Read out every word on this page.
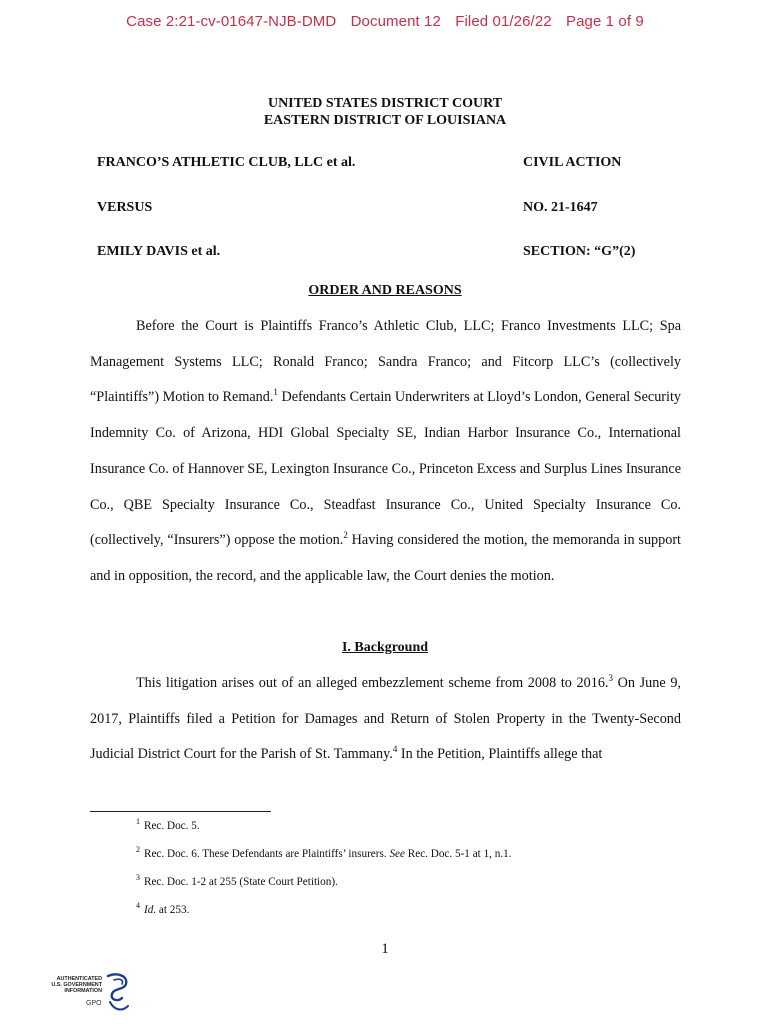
Case 2:21-cv-01647-NJB-DMD Document 12 Filed 01/26/22 Page 1 of 9
UNITED STATES DISTRICT COURT
EASTERN DISTRICT OF LOUISIANA
FRANCO’S ATHLETIC CLUB, LLC et al.	CIVIL ACTION
VERSUS	NO. 21-1647
EMILY DAVIS et al.	SECTION: “G”(2)
ORDER AND REASONS

Before the Court is Plaintiffs Franco’s Athletic Club, LLC; Franco Investments LLC; Spa Management Systems LLC; Ronald Franco; Sandra Franco; and Fitcorp LLC’s (collectively “Plaintiffs”) Motion to Remand.$^1$ Defendants Certain Underwriters at Lloyd’s London, General Security Indemnity Co. of Arizona, HDI Global Specialty SE, Indian Harbor Insurance Co., International Insurance Co. of Hannover SE, Lexington Insurance Co., Princeton Excess and Surplus Lines Insurance Co., QBE Specialty Insurance Co., Steadfast Insurance Co., United Specialty Insurance Co. (collectively, “Insurers”) oppose the motion.$^2$ Having considered the motion, the memoranda in support and in opposition, the record, and the applicable law, the Court denies the motion.

I. Background

This litigation arises out of an alleged embezzlement scheme from 2008 to 2016.$^3$ On June 9, 2017, Plaintiffs filed a Petition for Damages and Return of Stolen Property in the Twenty-Second Judicial District Court for the Parish of St. Tammany.$^4$ In the Petition, Plaintiffs allege that

$^1$ Rec. Doc. 5.
$^2$ Rec. Doc. 6. These Defendants are Plaintiffs’ insurers. See Rec. Doc. 5-1 at 1, n.1.
$^3$ Rec. Doc. 1-2 at 255 (State Court Petition).
$^4$ Id. at 253.
1
AUTHENTICATED
U.S. GOVERNMENT
INFORMATION
GPO
